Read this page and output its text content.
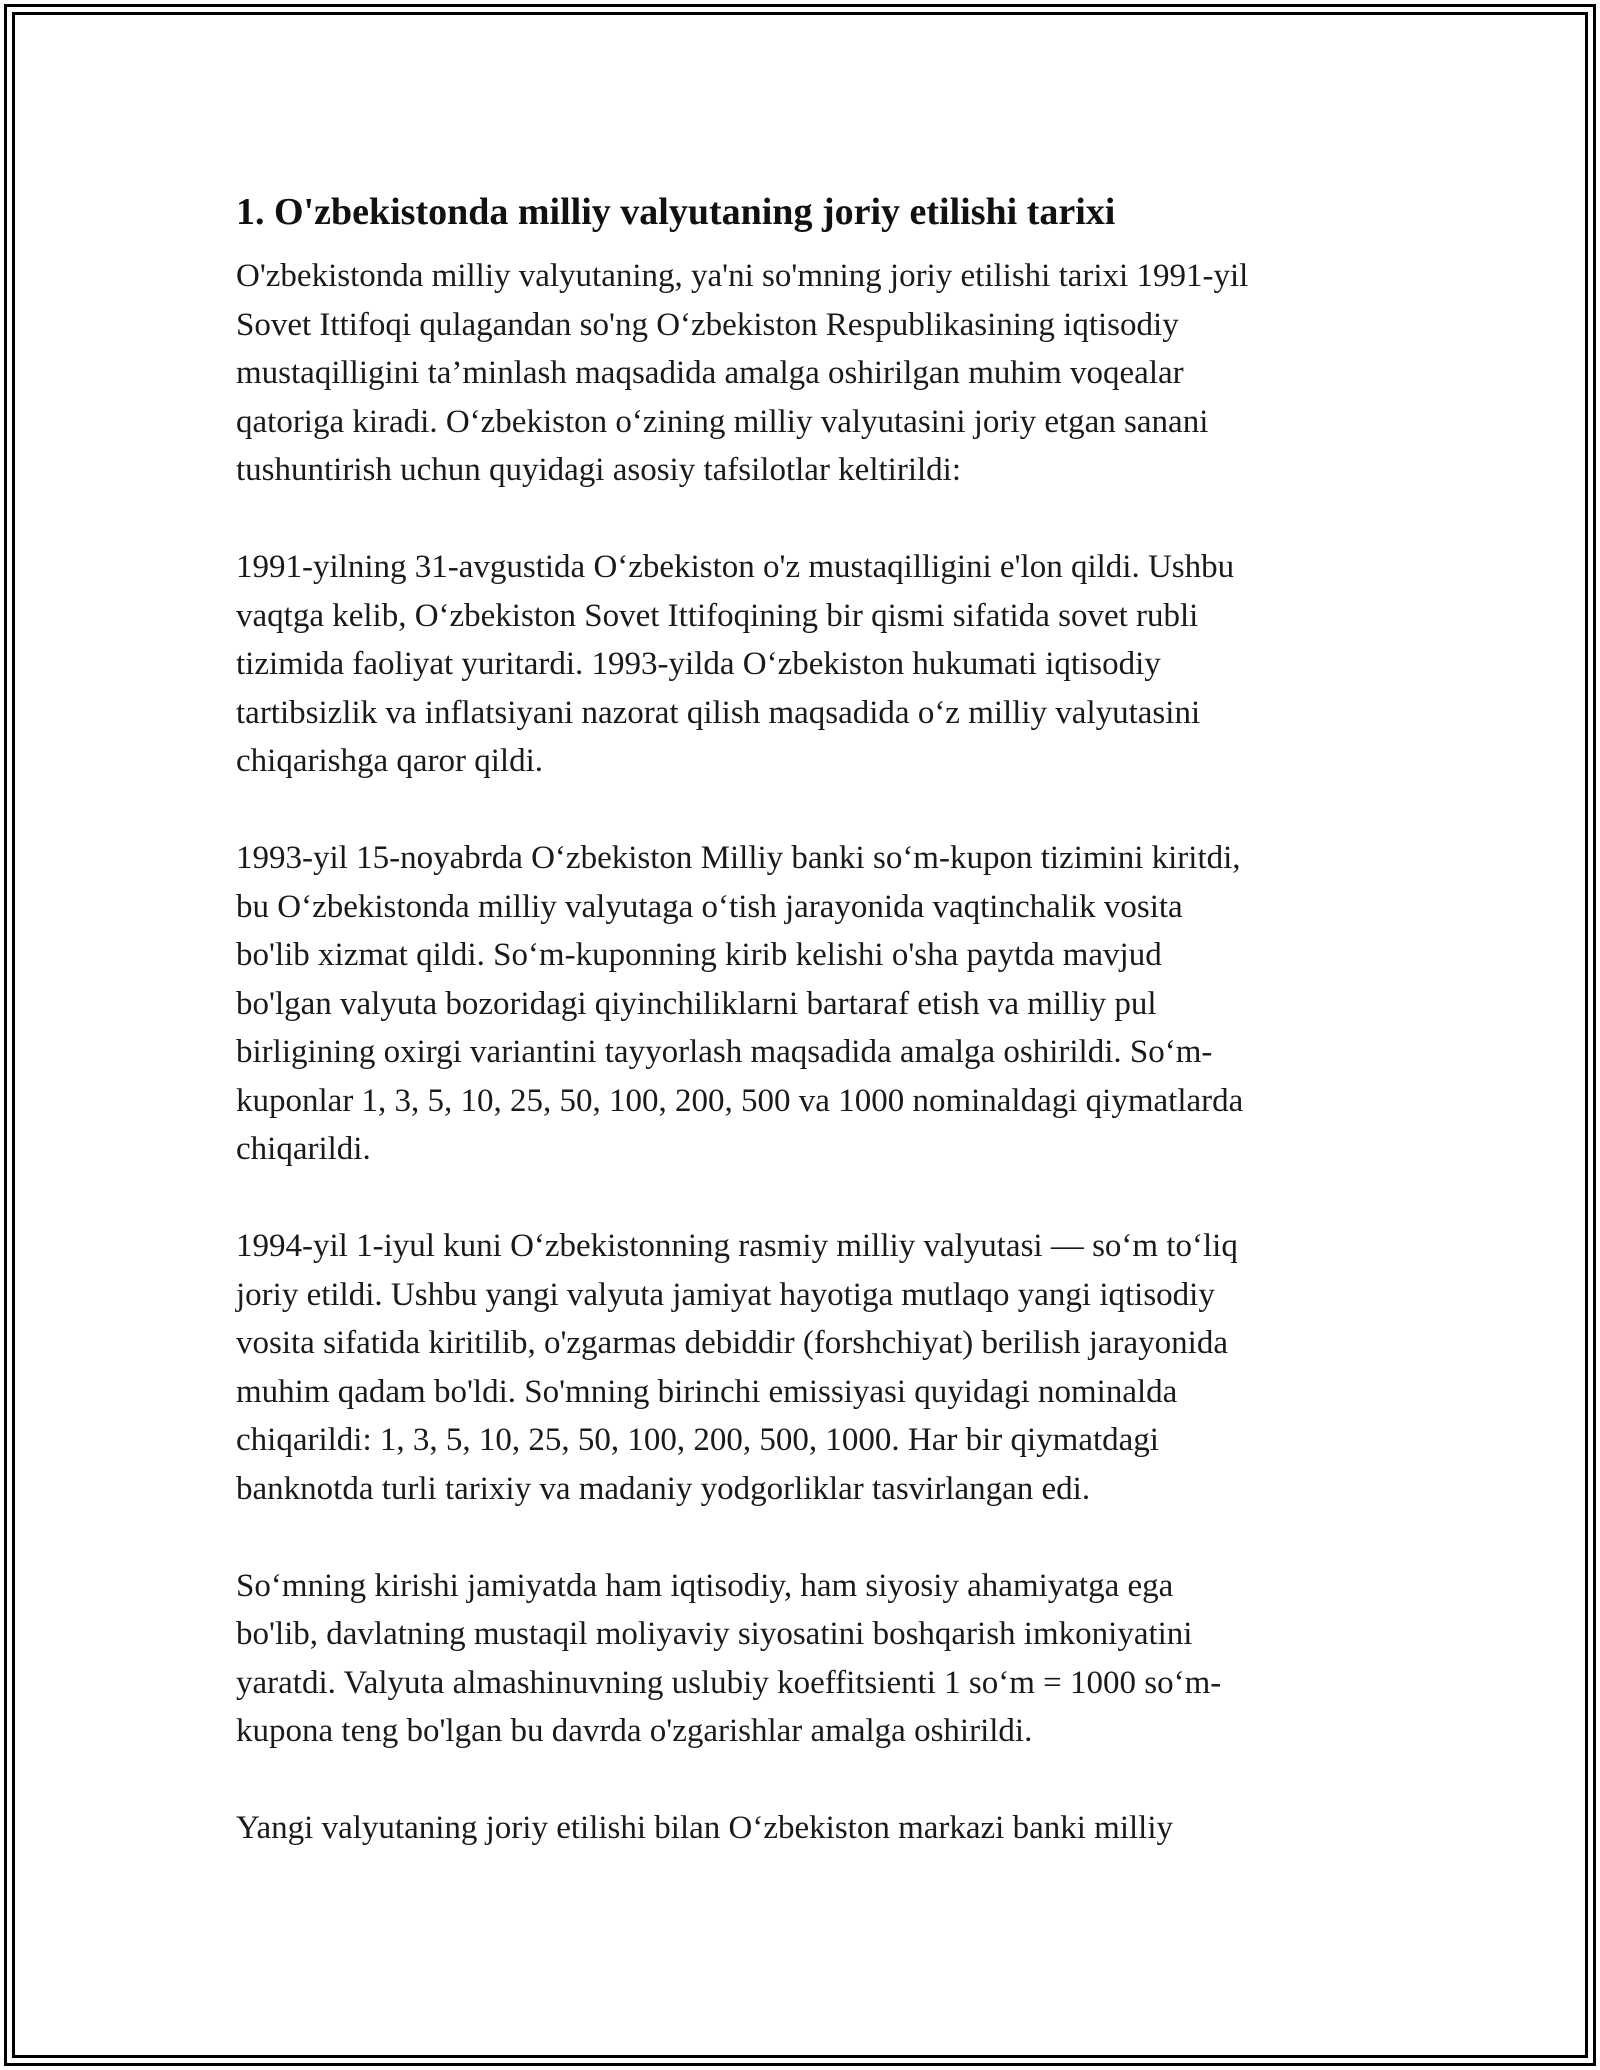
1. O'zbekistonda milliy valyutaning joriy etilishi tarixi

O'zbekistonda milliy valyutaning, ya'ni so'mning joriy etilishi tarixi 1991-yil
Sovet Ittifoqi qulagandan so'ng O‘zbekiston Respublikasining iqtisodiy
mustaqilligini ta’minlash maqsadida amalga oshirilgan muhim voqealar
qatoriga kiradi. O‘zbekiston o‘zining milliy valyutasini joriy etgan sanani
tushuntirish uchun quyidagi asosiy tafsilotlar keltirildi:

1991-yilning 31-avgustida O‘zbekiston o'z mustaqilligini e'lon qildi. Ushbu
vaqtga kelib, O‘zbekiston Sovet Ittifoqining bir qismi sifatida sovet rubli
tizimida faoliyat yuritardi. 1993-yilda O‘zbekiston hukumati iqtisodiy
tartibsizlik va inflatsiyani nazorat qilish maqsadida o‘z milliy valyutasini
chiqarishga qaror qildi.

1993-yil 15-noyabrda O‘zbekiston Milliy banki so‘m-kupon tizimini kiritdi,
bu O‘zbekistonda milliy valyutaga o‘tish jarayonida vaqtinchalik vosita
bo'lib xizmat qildi. So‘m-kuponning kirib kelishi o'sha paytda mavjud
bo'lgan valyuta bozoridagi qiyinchiliklarni bartaraf etish va milliy pul
birligining oxirgi variantini tayyorlash maqsadida amalga oshirildi. So‘m-
kuponlar 1, 3, 5, 10, 25, 50, 100, 200, 500 va 1000 nominaldagi qiymatlarda
chiqarildi.

1994-yil 1-iyul kuni O‘zbekistonning rasmiy milliy valyutasi — so‘m to‘liq
joriy etildi. Ushbu yangi valyuta jamiyat hayotiga mutlaqo yangi iqtisodiy
vosita sifatida kiritilib, o'zgarmas debiddir (forshchiyat) berilish jarayonida
muhim qadam bo'ldi. So'mning birinchi emissiyasi quyidagi nominalda
chiqarildi: 1, 3, 5, 10, 25, 50, 100, 200, 500, 1000. Har bir qiymatdagi
banknotda turli tarixiy va madaniy yodgorliklar tasvirlangan edi.

So‘mning kirishi jamiyatda ham iqtisodiy, ham siyosiy ahamiyatga ega
bo'lib, davlatning mustaqil moliyaviy siyosatini boshqarish imkoniyatini
yaratdi. Valyuta almashinuvning uslubiy koeffitsienti 1 so‘m = 1000 so‘m-
kupona teng bo'lgan bu davrda o'zgarishlar amalga oshirildi.

Yangi valyutaning joriy etilishi bilan O‘zbekiston markazi banki milliy
